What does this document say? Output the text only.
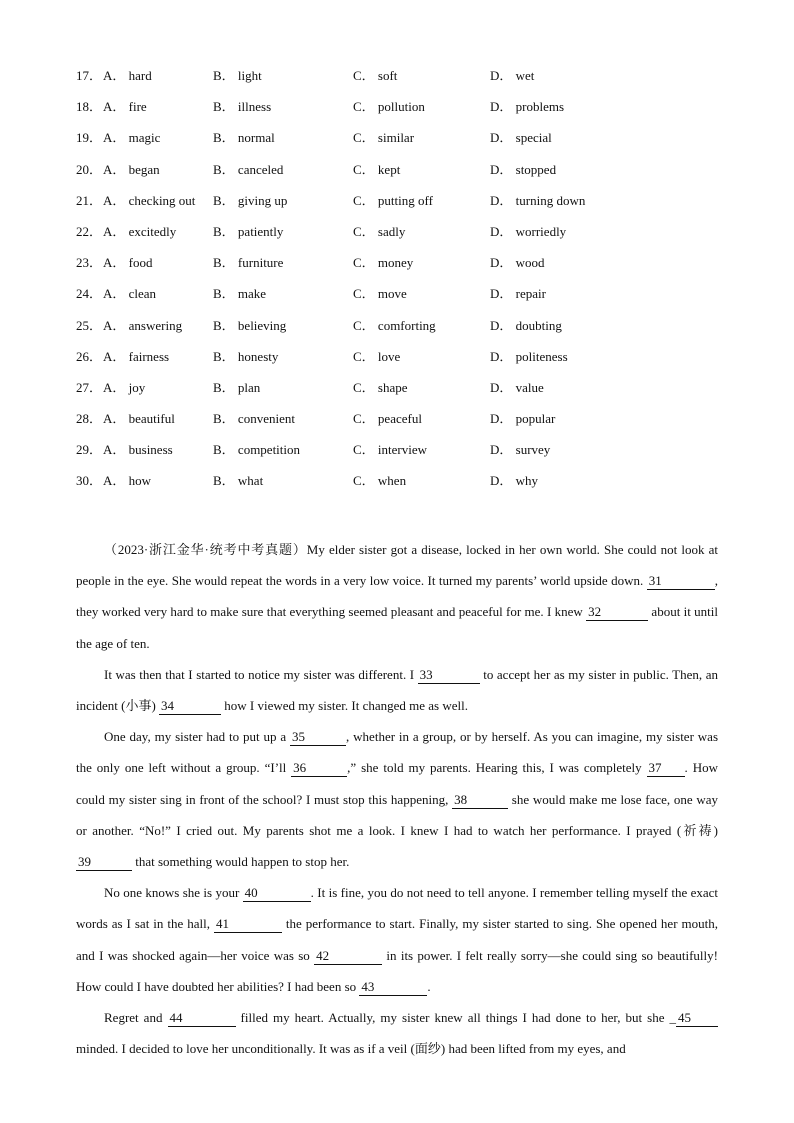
17． A． hard	B． light	C． soft	D． wet
18． A． fire	B． illness	C． pollution	D． problems
19． A． magic	B． normal	C． similar	D． special
20． A． began	B． canceled	C． kept	D． stopped
21． A． checking out B． giving up	C． putting off	D． turning down
22． A． excitedly	B． patiently	C． sadly	D． worriedly
23． A． food	B． furniture	C． money	D． wood
24． A． clean	B． make	C． move	D． repair
25． A． answering B． believing	C． comforting	D． doubting
26． A． fairness	B． honesty	C． love	D． politeness
27． A． joy	B． plan	C． shape	D． value
28． A． beautiful	B． convenient	C． peaceful	D． popular
29． A． business	B． competition	C． interview	D． survey
30． A． how	B． what	C． when	D． why

（2023·浙江金华·统考中考真题）My elder sister got a disease, locked in her own world. She could not look at people in the eye. She would repeat the words in a very low voice. It turned my parents’ world upside down. 31	, they worked very hard to make sure that everything seemed pleasant and peaceful for me. I knew 32	about it until the age of ten.

It was then that I started to notice my sister was different. I 33	to accept her as my sister in public. Then, an incident (小事) 34	how I viewed my sister. It changed me as well.

One day, my sister had to put up a 35	, whether in a group, or by herself. As you can imagine, my sister was the only one left without a group. “I’ll 36	,” she told my parents. Hearing this, I was completely 37 . How could my sister sing in front of the school? I must stop this happening, 38	she would make me lose face, one way or another. “No!” I cried out. My parents shot me a look. I knew I had to watch her performance. I prayed (祈祷) 39	that something would happen to stop her.

No one knows she is your 40	. It is fine, you do not need to tell anyone. I remember telling myself the exact words as I sat in the hall, 41	the performance to start. Finally, my sister started to sing. She opened her mouth, and I was shocked again—her voice was so 42	in its power. I felt really sorry—she could sing so beautifully! How could I have doubted her abilities? I had been so 43	.

Regret and 44	filled my heart. Actually, my sister knew all things I had done to her, but she _ 45 minded. I decided to love her unconditionally. It was as if a veil (面纱) had been lifted from my eyes, and
